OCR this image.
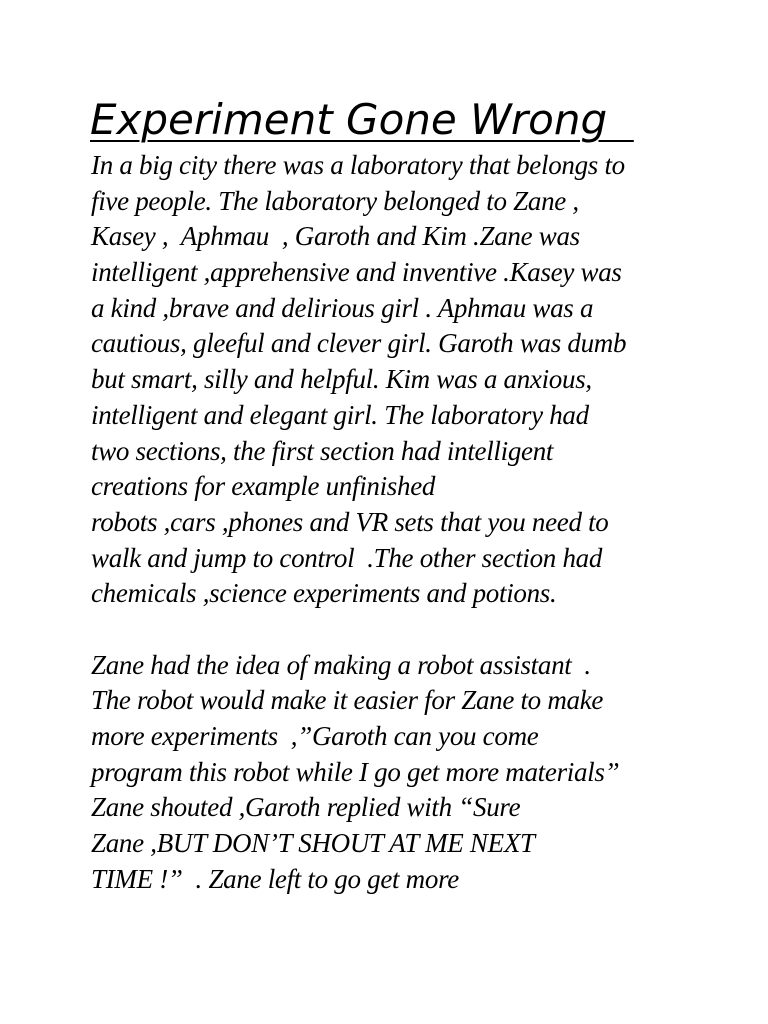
Experiment Gone Wrong
In a big city there was a laboratory that belongs to
five people. The laboratory belonged to Zane ,
Kasey ,  Aphmau  , Garoth and Kim .Zane was
intelligent ,apprehensive and inventive .Kasey was
a kind ,brave and delirious girl . Aphmau was a
cautious, gleeful and clever girl. Garoth was dumb
but smart, silly and helpful. Kim was a anxious,
intelligent and elegant girl. The laboratory had
two sections, the first section had intelligent
creations for example unfinished
robots ,cars ,phones and VR sets that you need to
walk and jump to control  .The other section had
chemicals ,science experiments and potions.
Zane had the idea of making a robot assistant  .
The robot would make it easier for Zane to make
more experiments  ,”Garoth can you come
program this robot while I go get more materials”
Zane shouted ,Garoth replied with “Sure
Zane ,BUT DON’T SHOUT AT ME NEXT
TIME !”  . Zane left to go get more
